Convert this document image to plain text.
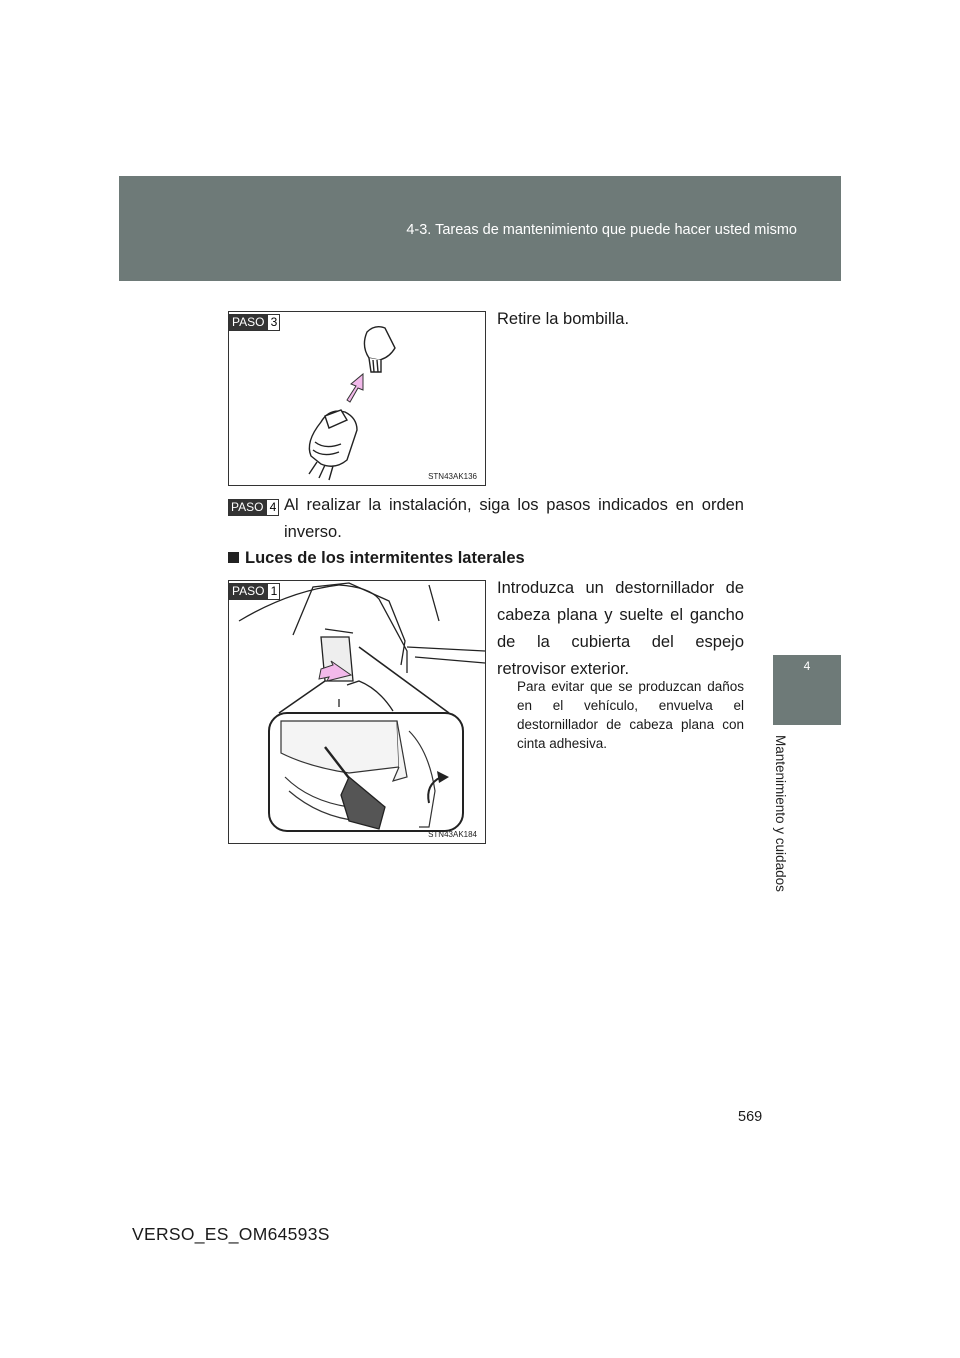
4-3. Tareas de mantenimiento que puede hacer usted mismo
4
Mantenimiento y cuidados
PASO 3
STN43AK136
Retire la bombilla.
PASO 4 Al realizar la instalación, siga los pasos indicados en orden inverso.
Luces de los intermitentes laterales
PASO 1
STN43AK184
Introduzca un destornillador de cabeza plana y suelte el gancho de la cubierta del espejo retrovisor exterior.
Para evitar que se produzcan daños en el vehículo, envuelva el destornillador de cabeza plana con cinta adhesiva.
569
VERSO_ES_OM64593S
